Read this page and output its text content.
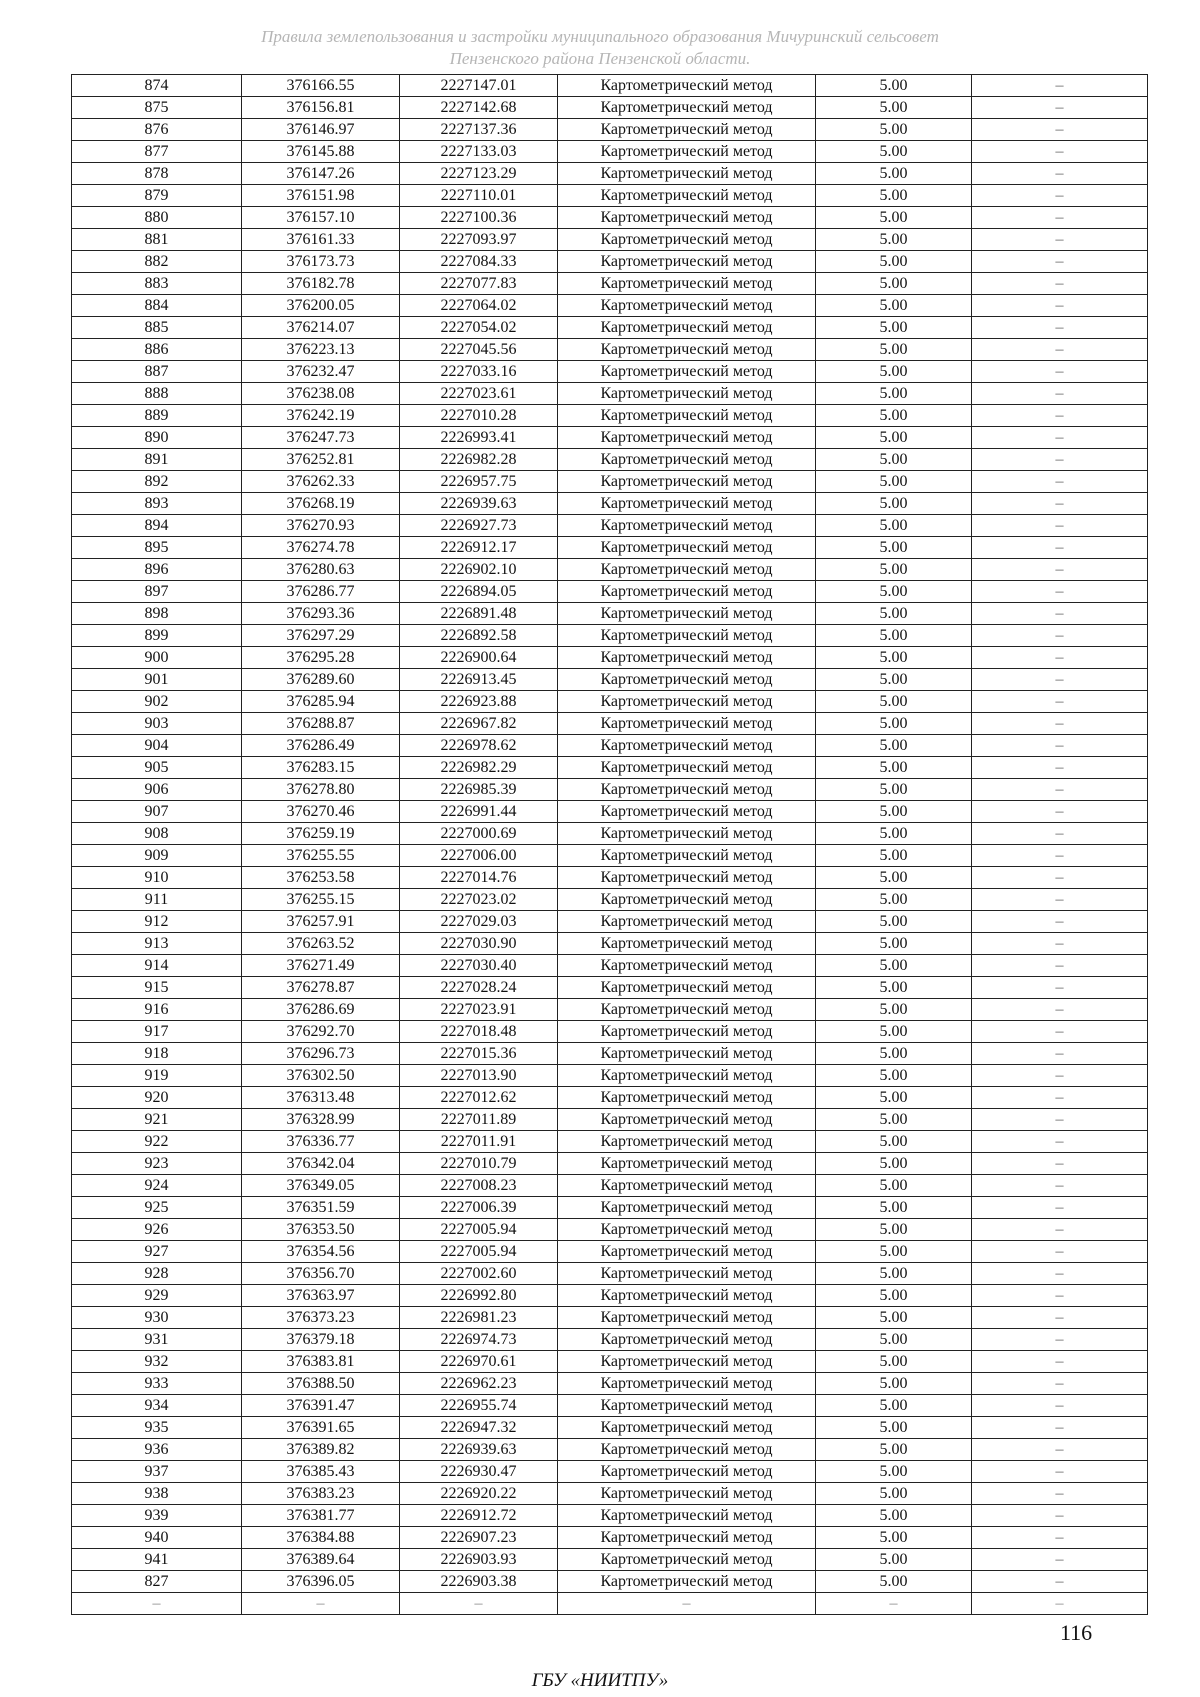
Правила землепользования и застройки муниципального образования Мичуринский сельсовет
Пензенского района Пензенской области.
874	376166.55	2227147.01	Картометрический метод	5.00	–
875	376156.81	2227142.68	Картометрический метод	5.00	–
876	376146.97	2227137.36	Картометрический метод	5.00	–
877	376145.88	2227133.03	Картометрический метод	5.00	–
878	376147.26	2227123.29	Картометрический метод	5.00	–
879	376151.98	2227110.01	Картометрический метод	5.00	–
880	376157.10	2227100.36	Картометрический метод	5.00	–
881	376161.33	2227093.97	Картометрический метод	5.00	–
882	376173.73	2227084.33	Картометрический метод	5.00	–
883	376182.78	2227077.83	Картометрический метод	5.00	–
884	376200.05	2227064.02	Картометрический метод	5.00	–
885	376214.07	2227054.02	Картометрический метод	5.00	–
886	376223.13	2227045.56	Картометрический метод	5.00	–
887	376232.47	2227033.16	Картометрический метод	5.00	–
888	376238.08	2227023.61	Картометрический метод	5.00	–
889	376242.19	2227010.28	Картометрический метод	5.00	–
890	376247.73	2226993.41	Картометрический метод	5.00	–
891	376252.81	2226982.28	Картометрический метод	5.00	–
892	376262.33	2226957.75	Картометрический метод	5.00	–
893	376268.19	2226939.63	Картометрический метод	5.00	–
894	376270.93	2226927.73	Картометрический метод	5.00	–
895	376274.78	2226912.17	Картометрический метод	5.00	–
896	376280.63	2226902.10	Картометрический метод	5.00	–
897	376286.77	2226894.05	Картометрический метод	5.00	–
898	376293.36	2226891.48	Картометрический метод	5.00	–
899	376297.29	2226892.58	Картометрический метод	5.00	–
900	376295.28	2226900.64	Картометрический метод	5.00	–
901	376289.60	2226913.45	Картометрический метод	5.00	–
902	376285.94	2226923.88	Картометрический метод	5.00	–
903	376288.87	2226967.82	Картометрический метод	5.00	–
904	376286.49	2226978.62	Картометрический метод	5.00	–
905	376283.15	2226982.29	Картометрический метод	5.00	–
906	376278.80	2226985.39	Картометрический метод	5.00	–
907	376270.46	2226991.44	Картометрический метод	5.00	–
908	376259.19	2227000.69	Картометрический метод	5.00	–
909	376255.55	2227006.00	Картометрический метод	5.00	–
910	376253.58	2227014.76	Картометрический метод	5.00	–
911	376255.15	2227023.02	Картометрический метод	5.00	–
912	376257.91	2227029.03	Картометрический метод	5.00	–
913	376263.52	2227030.90	Картометрический метод	5.00	–
914	376271.49	2227030.40	Картометрический метод	5.00	–
915	376278.87	2227028.24	Картометрический метод	5.00	–
916	376286.69	2227023.91	Картометрический метод	5.00	–
917	376292.70	2227018.48	Картометрический метод	5.00	–
918	376296.73	2227015.36	Картометрический метод	5.00	–
919	376302.50	2227013.90	Картометрический метод	5.00	–
920	376313.48	2227012.62	Картометрический метод	5.00	–
921	376328.99	2227011.89	Картометрический метод	5.00	–
922	376336.77	2227011.91	Картометрический метод	5.00	–
923	376342.04	2227010.79	Картометрический метод	5.00	–
924	376349.05	2227008.23	Картометрический метод	5.00	–
925	376351.59	2227006.39	Картометрический метод	5.00	–
926	376353.50	2227005.94	Картометрический метод	5.00	–
927	376354.56	2227005.94	Картометрический метод	5.00	–
928	376356.70	2227002.60	Картометрический метод	5.00	–
929	376363.97	2226992.80	Картометрический метод	5.00	–
930	376373.23	2226981.23	Картометрический метод	5.00	–
931	376379.18	2226974.73	Картометрический метод	5.00	–
932	376383.81	2226970.61	Картометрический метод	5.00	–
933	376388.50	2226962.23	Картометрический метод	5.00	–
934	376391.47	2226955.74	Картометрический метод	5.00	–
935	376391.65	2226947.32	Картометрический метод	5.00	–
936	376389.82	2226939.63	Картометрический метод	5.00	–
937	376385.43	2226930.47	Картометрический метод	5.00	–
938	376383.23	2226920.22	Картометрический метод	5.00	–
939	376381.77	2226912.72	Картометрический метод	5.00	–
940	376384.88	2226907.23	Картометрический метод	5.00	–
941	376389.64	2226903.93	Картометрический метод	5.00	–
827	376396.05	2226903.38	Картометрический метод	5.00	–
–	–	–	–	–	–
116
ГБУ «НИИТПУ»
